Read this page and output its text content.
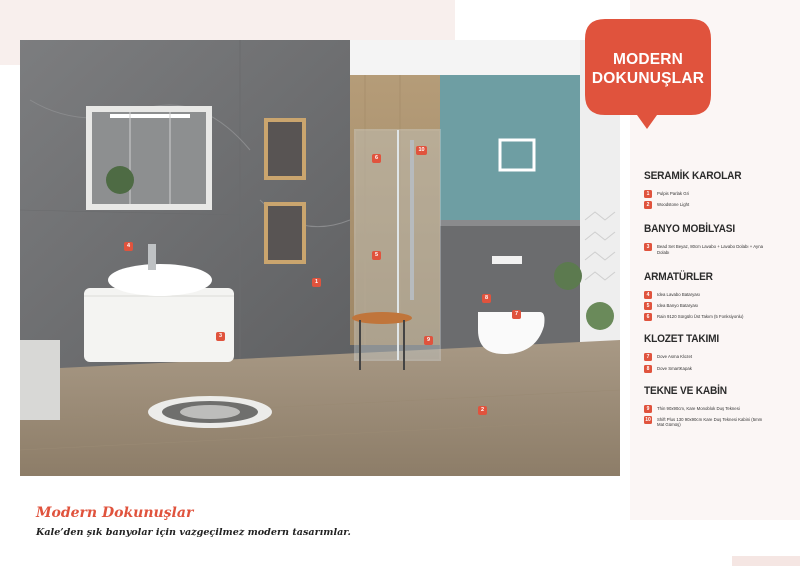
1
2
3
4
5
6
7
8
9
10
MODERN
DOKUNUŞLAR
SERAMİK KAROLAR
1	Pulpis Parlak Gri
2	Woodstone Light
BANYO MOBİLYASI
3	Bead Set Beyaz, 80cm Lavabo + Lavabo Dolabı + Ayna Dolabı
ARMATÜRLER
4	Idea Lavabo Bataryası
5	Idea Banyo Bataryası
6	Rain 9120 Sürgülü Üst Takım (5 Fonksiyonlu)
KLOZET TAKIMI
7	Dove Asma Klozet
8	Dove SmartKapak
TEKNE VE KABİN
9	Thin 90x90cm, Kare Monoblok Duş Teknesi
10 Shift Plus 130 90x90cm Kare Duş Teknesi Kabini (5mm Mat Gümüş)
Modern Dokunuşlar
Kale’den şık banyolar için vazgeçilmez modern tasarımlar.
